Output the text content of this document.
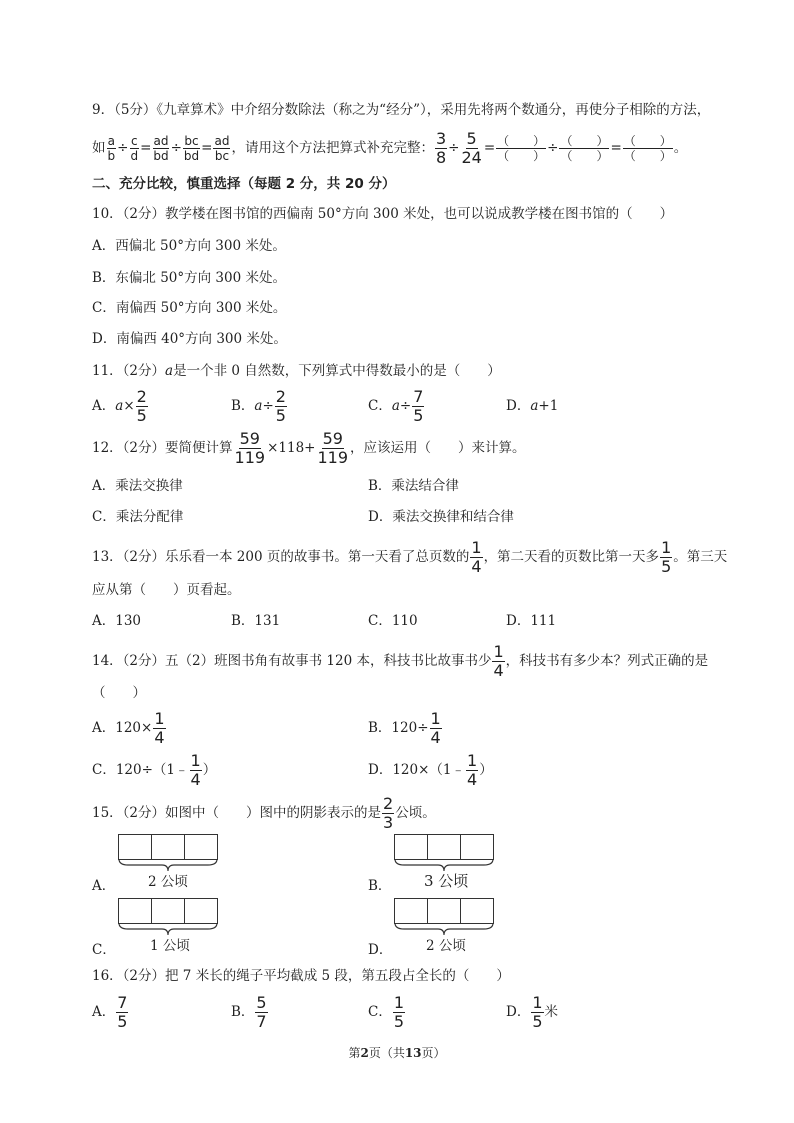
9．（5分）《九章算术》中介绍分数除法（称之为“经分”），采用先将两个数通分，再使分子相除的方法，
如 $\frac{a}{b} \div \frac{c}{d} = \frac{ad}{bd} \div \frac{bc}{bd} = \frac{ad}{bc}$ ，请用这个方法把算式补充完整： $\frac{3}{8} \div \frac{5}{24} = \frac{( )}{( )} \div \frac{( )}{( )} = \frac{( )}{( )}$ 。
二、充分比较，慎重选择（每题 2 分，共 20 分）
10．（2分）教学楼在图书馆的西偏南 50°方向 300 米处，也可以说成教学楼在图书馆的（　　）
A．西偏北 50°方向 300 米处。
B．东偏北 50°方向 300 米处。
C．南偏西 50°方向 300 米处。
D．南偏西 40°方向 300 米处。
11．（2分）a是一个非 0 自然数，下列算式中得数最小的是（　　）
A．$a\times \frac{2}{5}$	B．$a\div \frac{2}{5}$	C．$a\div \frac{7}{5}$	D．a+1
12．（2分）要简便计算 $\frac{59}{119} \times 118+ \frac{59}{119}$ ，应该运用（　　）来计算。
A．乘法交换律	B．乘法结合律
C．乘法分配律	D．乘法交换律和结合律
13．（2分）乐乐看一本 200 页的故事书。第一天看了总页数的 $\frac{1}{4}$ ，第二天看的页数比第一天多 $\frac{1}{5}$ 。第三天
应从第（　　）页看起。
A．130	B．131	C．110	D．111
14．（2分）五（2）班图书角有故事书 120 本，科技书比故事书少 $\frac{1}{4}$ ，科技书有多少本？列式正确的是
（　　）
A．$120\times \frac{1}{4}$	B．$120\div \frac{1}{4}$
C．120÷（1﹣ $\frac{1}{4}$ ）	D．120×（1﹣ $\frac{1}{4}$ ）
15．（2分）如图中（　　）图中的阴影表示的是 $\frac{2}{3}$ 公顷。
A． 2 公顷	B． 3 公顷
C．	1 公顷	D． 2 公顷
16．（2分）把 7 米长的绳子平均截成 5 段，第五段占全长的（　　）
A． $\frac{7}{5}$	B． $\frac{5}{7}$	C． $\frac{1}{5}$	D． $\frac{1}{5}$ 米
第2页（共13页）
